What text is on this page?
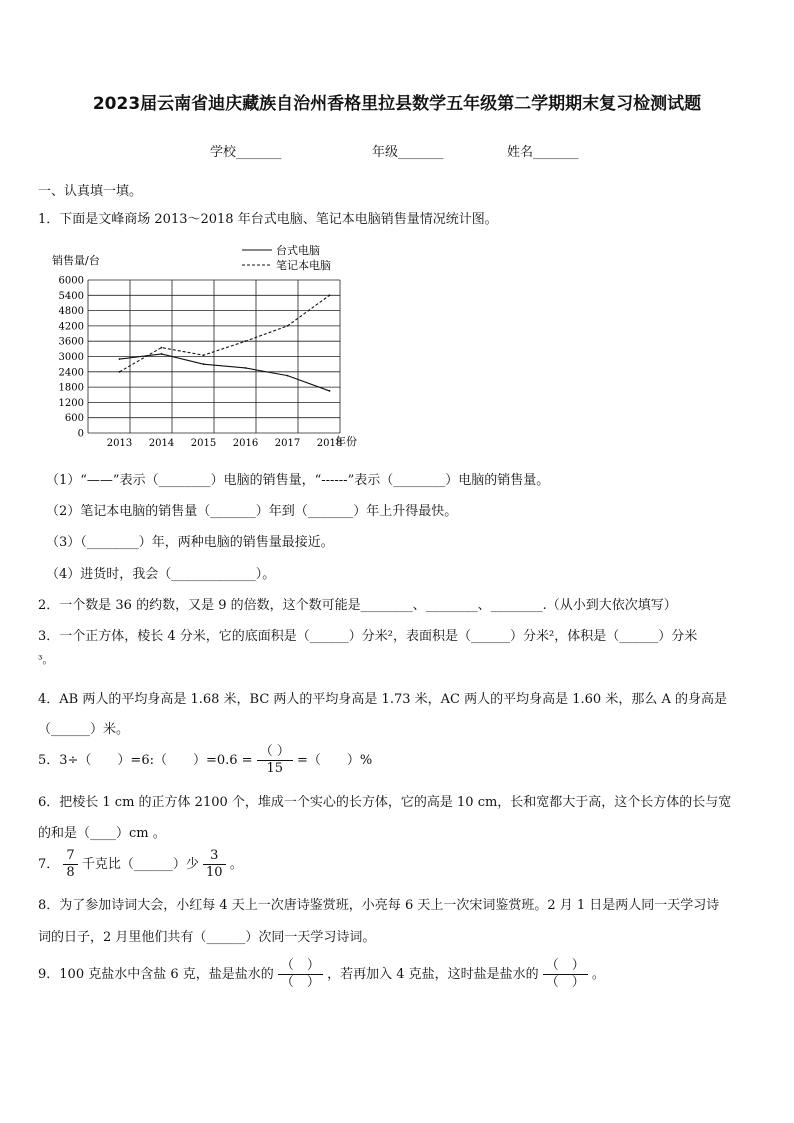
2023届云南省迪庆藏族自治州香格里拉县数学五年级第二学期期末复习检测试题
学校_______	年级_______	姓名_______
一、认真填一填。
1．下面是文峰商场 2013～2018 年台式电脑、笔记本电脑销售量情况统计图。
销售量/台
年份
0
600
1200
1800
2400
3000
3600
4200
4800
5400
6000
2013 2014 2015 2016 2017 2018
台式电脑
笔记本电脑
（1）“——”表示（________）电脑的销售量，“------”表示（________）电脑的销售量。
（2）笔记本电脑的销售量（_______）年到（_______）年上升得最快。
（3）（________）年，两种电脑的销售量最接近。
（4）进货时，我会（_____________）。
2．一个数是 36 的约数，又是 9 的倍数，这个数可能是________、________、________.（从小到大依次填写）
3．一个正方体，棱长 4 分米，它的底面积是（______）分米²，表面积是（______）分米²，体积是（______）分米
³。
4．AB 两人的平均身高是 1.68 米，BC 两人的平均身高是 1.73 米，AC 两人的平均身高是 1.60 米，那么 A 的身高是
（______）米。
5．3÷（　　）=6:（　　）$=0.6 = \frac{( )}{15}$ =（　　）%
6．把棱长 1 cm 的正方体 2100 个，堆成一个实心的长方体，它的高是 10 cm，长和宽都大于高，这个长方体的长与宽
的和是（____）cm 。
7． $\frac{7}{8}$ 千克比（______）少 $\frac{3}{10}$ 。
8．为了参加诗词大会，小红每 4 天上一次唐诗鉴赏班，小亮每 6 天上一次宋词鉴赏班。2 月 1 日是两人同一天学习诗
词的日子，2 月里他们共有（______）次同一天学习诗词。
9．100 克盐水中含盐 6 克，盐是盐水的 $\frac{( )}{( )}$ ，若再加入 4 克盐，这时盐是盐水的 $\frac{( )}{( )}$ 。
